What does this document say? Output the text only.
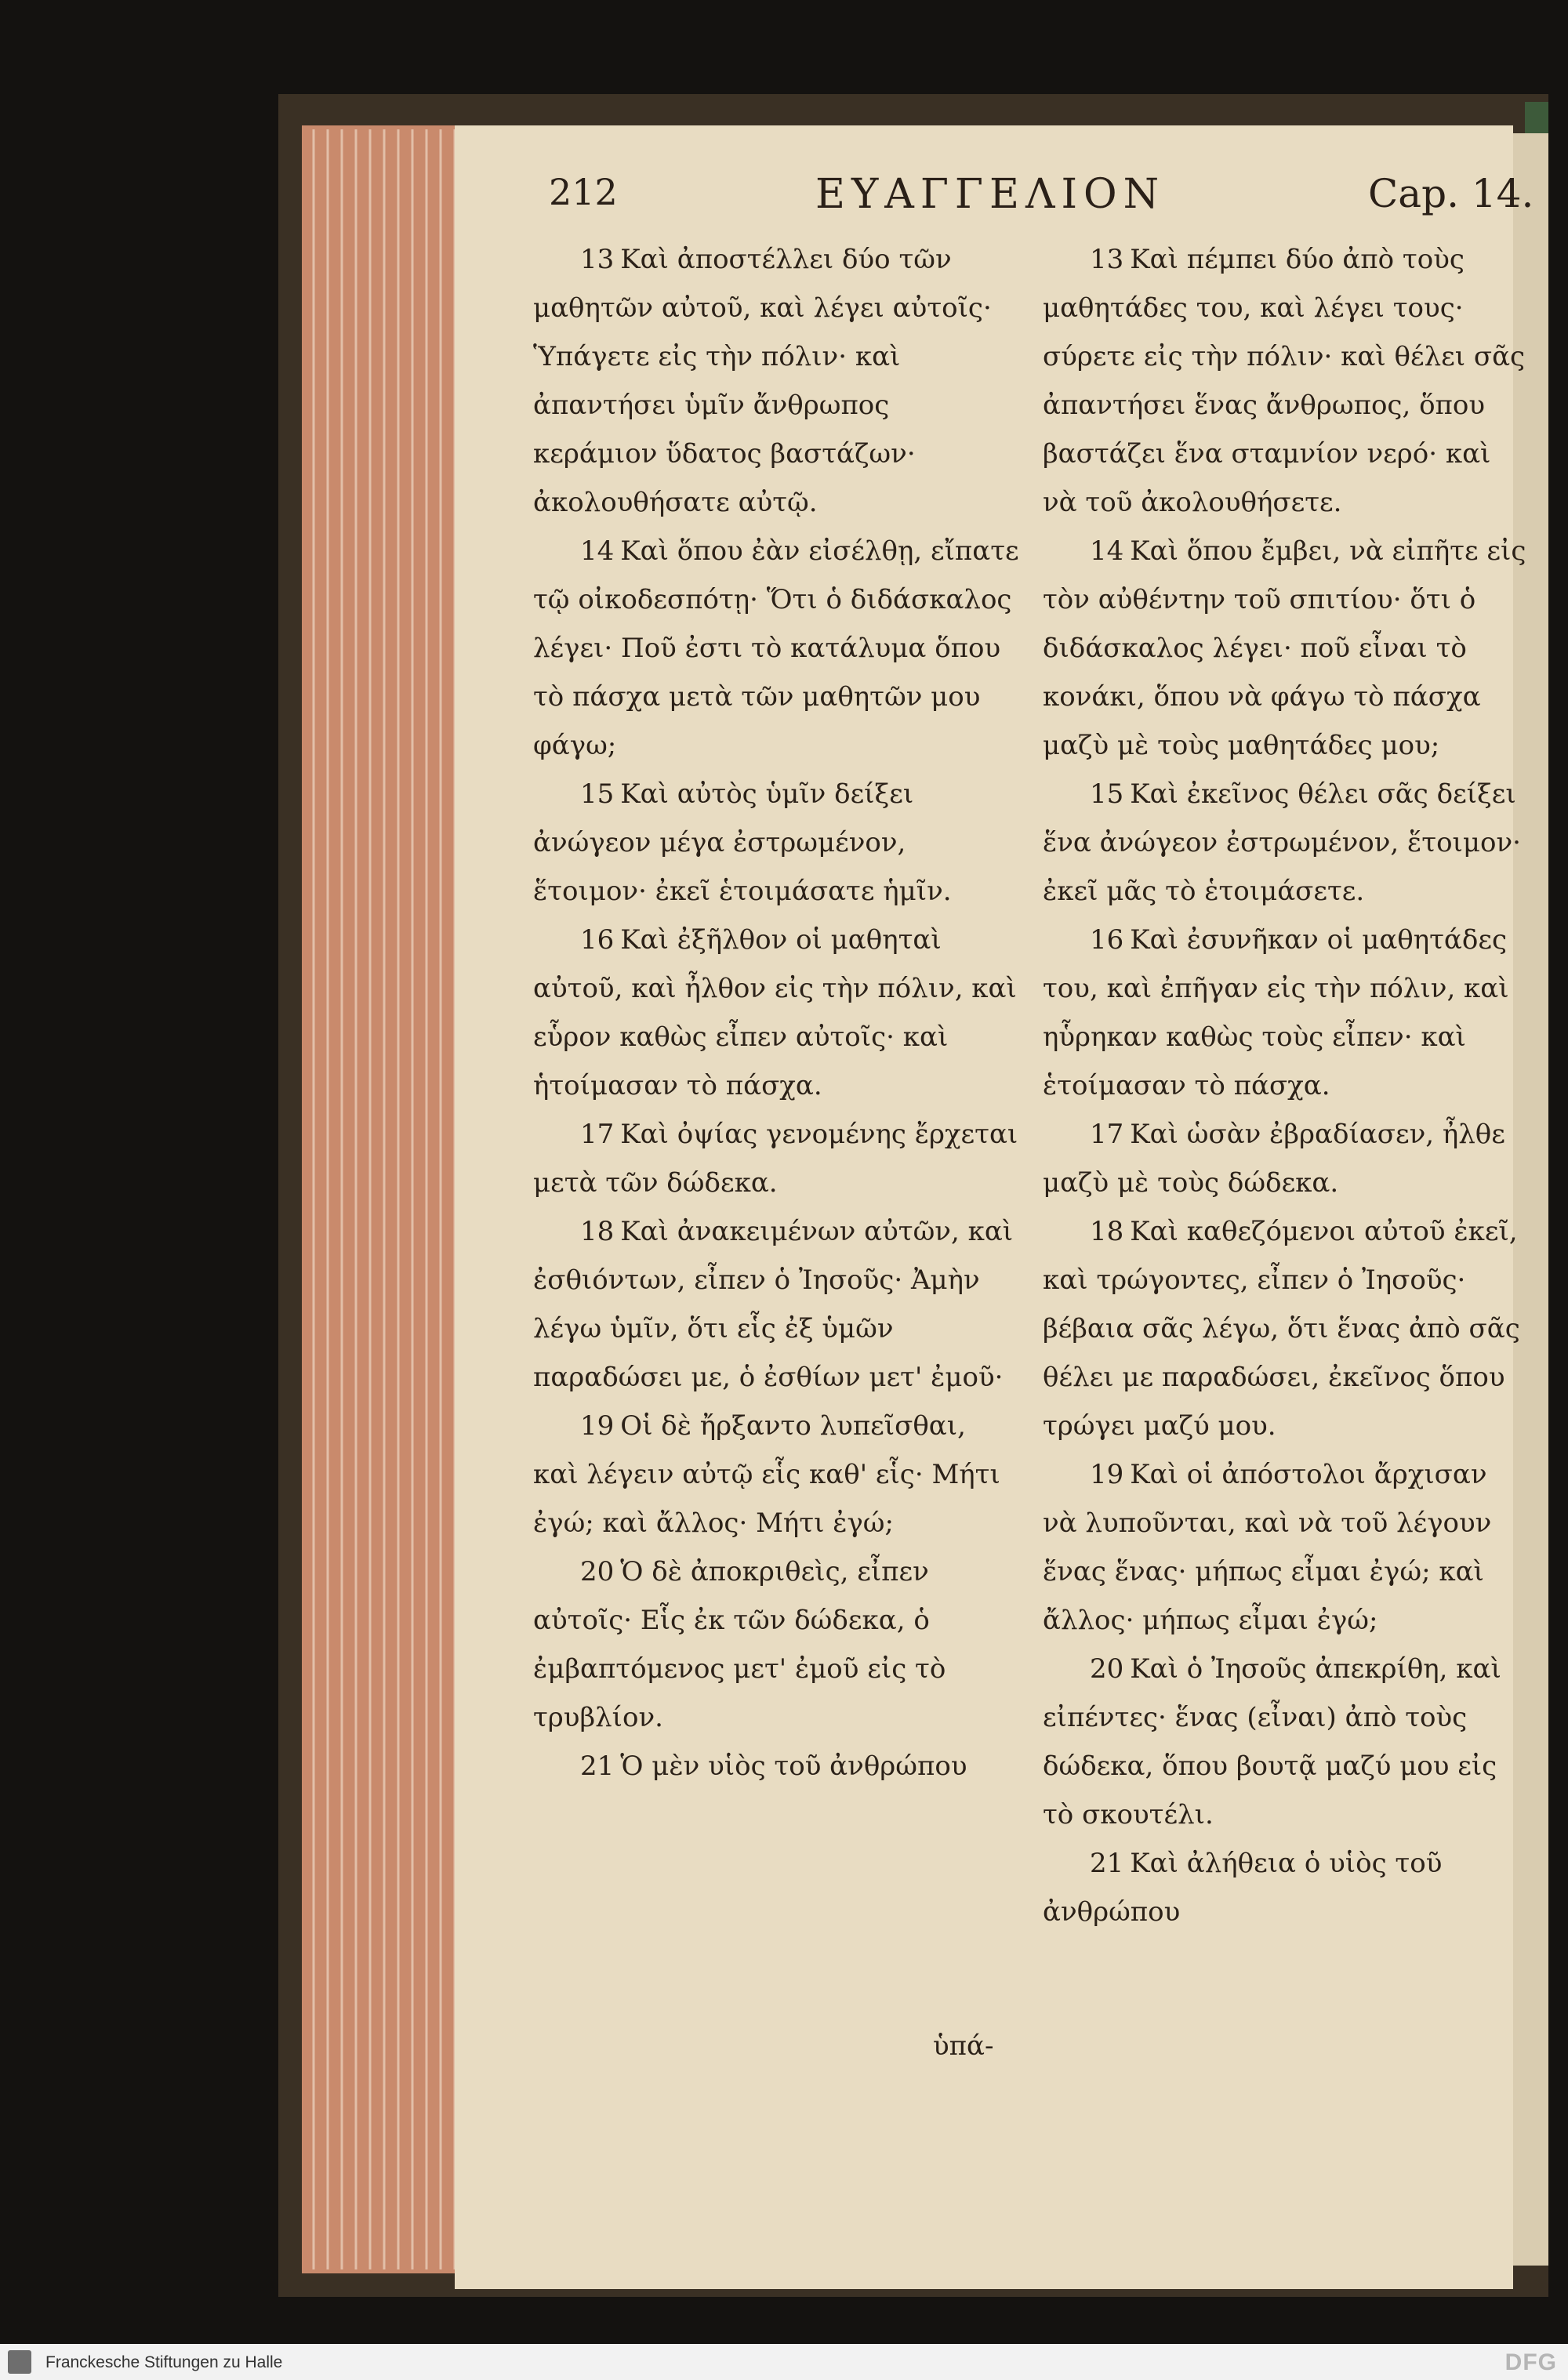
212	ΕΥΑΓΓΕΛΙΟΝ	Cap. 14.

13 Καὶ ἀποστέλλει δύο τῶν μαθητῶν αὐτοῦ, καὶ λέγει αὐτοῖς· Ὑπάγετε εἰς τὴν πόλιν· καὶ ἀπαντήσει ὑμῖν ἄνθρωπος κεράμιον ὕδατος βαστάζων· ἀκολουθήσατε αὐτῷ.

14 Καὶ ὅπου ἐὰν εἰσέλθῃ, εἴπατε τῷ οἰκοδεσπότῃ· Ὅτι ὁ διδάσκαλος λέγει· Ποῦ ἐστι τὸ κατάλυμα ὅπου τὸ πάσχα μετὰ τῶν μαθητῶν μου φάγω;

15 Καὶ αὐτὸς ὑμῖν δείξει ἀνώγεον μέγα ἐστρωμένον, ἕτοιμον· ἐκεῖ ἑτοιμάσατε ἡμῖν.

16 Καὶ ἐξῆλθον οἱ μαθηταὶ αὐτοῦ, καὶ ἦλθον εἰς τὴν πόλιν, καὶ εὗρον καθὼς εἶπεν αὐτοῖς· καὶ ἡτοίμασαν τὸ πάσχα.

17 Καὶ ὀψίας γενομένης ἔρχεται μετὰ τῶν δώδεκα.

18 Καὶ ἀνακειμένων αὐτῶν, καὶ ἐσθιόντων, εἶπεν ὁ Ἰησοῦς· Ἀμὴν λέγω ὑμῖν, ὅτι εἷς ἐξ ὑμῶν παραδώσει με, ὁ ἐσθίων μετ' ἐμοῦ·

19 Οἱ δὲ ἤρξαντο λυπεῖσθαι, καὶ λέγειν αὐτῷ εἷς καθ' εἷς· Μήτι ἐγώ; καὶ ἄλλος· Μήτι ἐγώ;

20 Ὁ δὲ ἀποκριθεὶς, εἶπεν αὐτοῖς· Εἷς ἐκ τῶν δώδεκα, ὁ ἐμβαπτόμενος μετ' ἐμοῦ εἰς τὸ τρυβλίον.

21 Ὁ μὲν υἱὸς τοῦ ἀνθρώπου

ὑπά-

13 Καὶ πέμπει δύο ἀπὸ τοὺς μαθητάδες του, καὶ λέγει τους· σύρετε εἰς τὴν πόλιν· καὶ θέλει σᾶς ἀπαντήσει ἕνας ἄνθρωπος, ὅπου βαστάζει ἕνα σταμνίον νερό· καὶ νὰ τοῦ ἀκολουθήσετε.

14 Καὶ ὅπου ἔμβει, νὰ εἰπῆτε εἰς τὸν αὐθέντην τοῦ σπιτίου· ὅτι ὁ διδάσκαλος λέγει· ποῦ εἶναι τὸ κονάκι, ὅπου νὰ φάγω τὸ πάσχα μαζὺ μὲ τοὺς μαθητάδες μου;

15 Καὶ ἐκεῖνος θέλει σᾶς δείξει ἕνα ἀνώγεον ἐστρωμένον, ἕτοιμον· ἐκεῖ μᾶς τὸ ἑτοιμάσετε.

16 Καὶ ἐσυνῆκαν οἱ μαθητάδες του, καὶ ἐπῆγαν εἰς τὴν πόλιν, καὶ ηὗρηκαν καθὼς τοὺς εἶπεν· καὶ ἑτοίμασαν τὸ πάσχα.

17 Καὶ ὡσὰν ἐβραδίασεν, ἦλθε μαζὺ μὲ τοὺς δώδεκα.

18 Καὶ καθεζόμενοι αὐτοῦ ἐκεῖ, καὶ τρώγοντες, εἶπεν ὁ Ἰησοῦς· βέβαια σᾶς λέγω, ὅτι ἕνας ἀπὸ σᾶς θέλει με παραδώσει, ἐκεῖνος ὅπου τρώγει μαζύ μου.

19 Καὶ οἱ ἀπόστολοι ἄρχισαν νὰ λυποῦνται, καὶ νὰ τοῦ λέγουν ἕνας ἕνας· μήπως εἶμαι ἐγώ; καὶ ἄλλος· μήπως εἶμαι ἐγώ;

20 Καὶ ὁ Ἰησοῦς ἀπεκρίθη, καὶ εἰπέντες· ἕνας (εἶναι) ἀπὸ τοὺς δώδεκα, ὅπου βουτᾷ μαζύ μου εἰς τὸ σκουτέλι.

21 Καὶ ἀλήθεια ὁ υἱὸς τοῦ ἀνθρώπου

Franckesche Stiftungen zu Halle	DFG
